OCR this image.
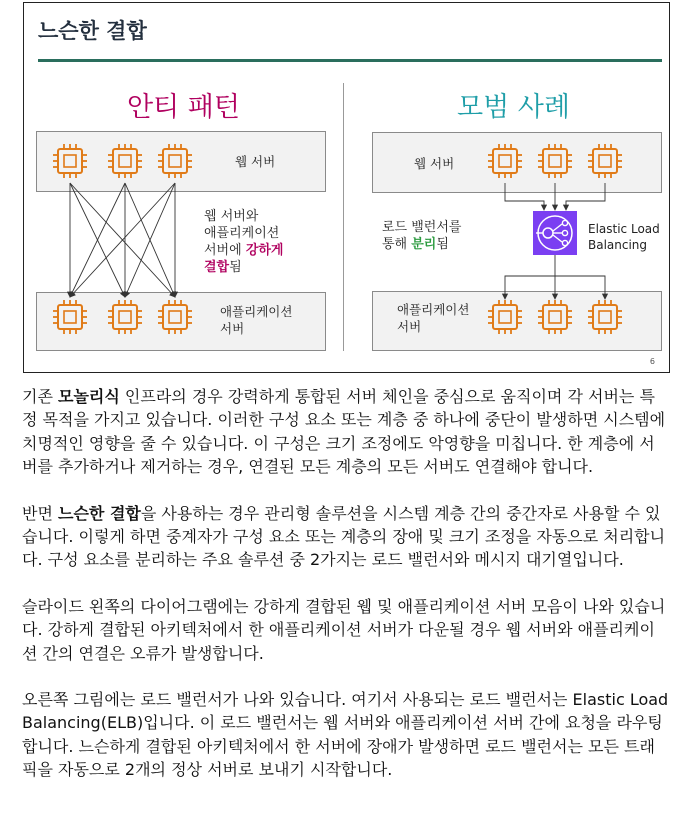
느슨한 결합
안티 패턴	모범 사례
웹 서버
애플리케이션
서버
웹 서버와
애플리케이션
서버에 강하게
결합됨
웹 서버
로드 밸런서를
통해 분리됨
Elastic Load
Balancing
애플리케이션
서버
6

기존 모놀리식 인프라의 경우 강력하게 통합된 서버 체인을 중심으로 움직이며 각 서버는 특정 목적을 가지고 있습니다. 이러한 구성 요소 또는 계층 중 하나에 중단이 발생하면 시스템에 치명적인 영향을 줄 수 있습니다. 이 구성은 크기 조정에도 악영향을 미칩니다. 한 계층에 서버를 추가하거나 제거하는 경우, 연결된 모든 계층의 모든 서버도 연결해야 합니다.

반면 느슨한 결합을 사용하는 경우 관리형 솔루션을 시스템 계층 간의 중간자로 사용할 수 있습니다. 이렇게 하면 중계자가 구성 요소 또는 계층의 장애 및 크기 조정을 자동으로 처리합니다. 구성 요소를 분리하는 주요 솔루션 중 2가지는 로드 밸런서와 메시지 대기열입니다.

슬라이드 왼쪽의 다이어그램에는 강하게 결합된 웹 및 애플리케이션 서버 모음이 나와 있습니다. 강하게 결합된 아키텍처에서 한 애플리케이션 서버가 다운될 경우 웹 서버와 애플리케이션 간의 연결은 오류가 발생합니다.

오른쪽 그림에는 로드 밸런서가 나와 있습니다. 여기서 사용되는 로드 밸런서는 Elastic Load Balancing(ELB)입니다. 이 로드 밸런서는 웹 서버와 애플리케이션 서버 간에 요청을 라우팅합니다. 느슨하게 결합된 아키텍처에서 한 서버에 장애가 발생하면 로드 밸런서는 모든 트래픽을 자동으로 2개의 정상 서버로 보내기 시작합니다.
